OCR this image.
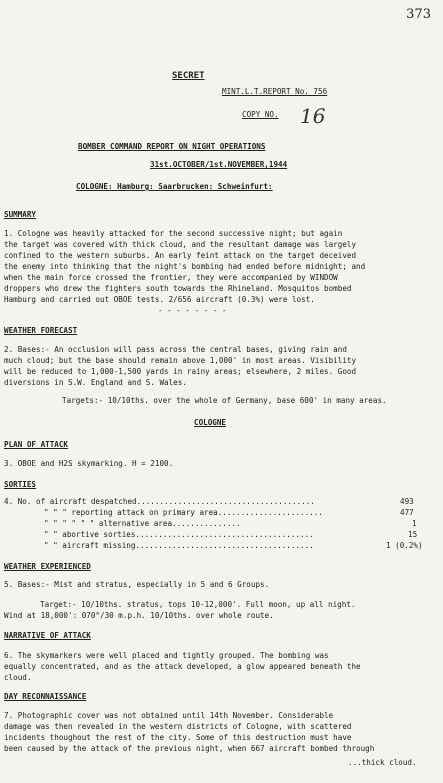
373
SECRET
MINT.L.T.REPORT No. 756
COPY NO. 16
BOMBER COMMAND REPORT ON NIGHT OPERATIONS
31st.OCTOBER/1st.NOVEMBER,1944
COLOGNE: Hamburg: Saarbrucken: Schweinfurt:
SUMMARY
1. Cologne was heavily attacked for the second successive night; but again
the target was covered with thick cloud, and the resultant damage was largely
confined to the western suburbs. An early feint attack on the target deceived
the enemy into thinking that the night's bombing had ended before midnight; and
when the main force crossed the frontier, they were accompanied by WINDOW
droppers who drew the fighters south towards the Rhineland. Mosquitos bombed
Hamburg and carried out OBOE tests. 2/656 aircraft (0.3%) were lost.
- - - - - - - -
WEATHER FORECAST
2. Bases:- An occlusion will pass across the central bases, giving rain and
much cloud; but the base should remain above 1,000' in most areas. Visibility
will be reduced to 1,000-1,500 yards in rainy areas; elsewhere, 2 miles. Good
diversions in S.W. England and S. Wales.
Targets:- 10/10ths. over the whole of Germany, base 600' in many areas.
COLOGNE
PLAN OF ATTACK
3. OBOE and H2S skymarking. H = 2100.
SORTIES
4. No. of aircraft despatched.......................................	493
" " " reporting attack on primary area.......................	477
" " " " " " alternative area...............	1
" " abortive sorties.......................................	15
" " aircraft missing.......................................	1 (0.2%)
WEATHER EXPERIENCED
5. Bases:- Mist and stratus, especially in 5 and 6 Groups.
Target:- 10/10ths. stratus, tops 10-12,000'. Full moon, up all night.
Wind at 18,000': 070°/30 m.p.h. 10/10ths. over whole route.
NARRATIVE OF ATTACK
6. The skymarkers were well placed and tightly grouped. The bombing was
equally concentrated, and as the attack developed, a glow appeared beneath the
cloud.
DAY RECONNAISSANCE
7. Photographic cover was not obtained until 14th November. Considerable
damage was then revealed in the western districts of Cologne, with scattered
incidents thoughout the rest of the city. Some of this destruction must have
been caused by the attack of the previous night, when 667 aircraft bombed through
...thick cloud.
